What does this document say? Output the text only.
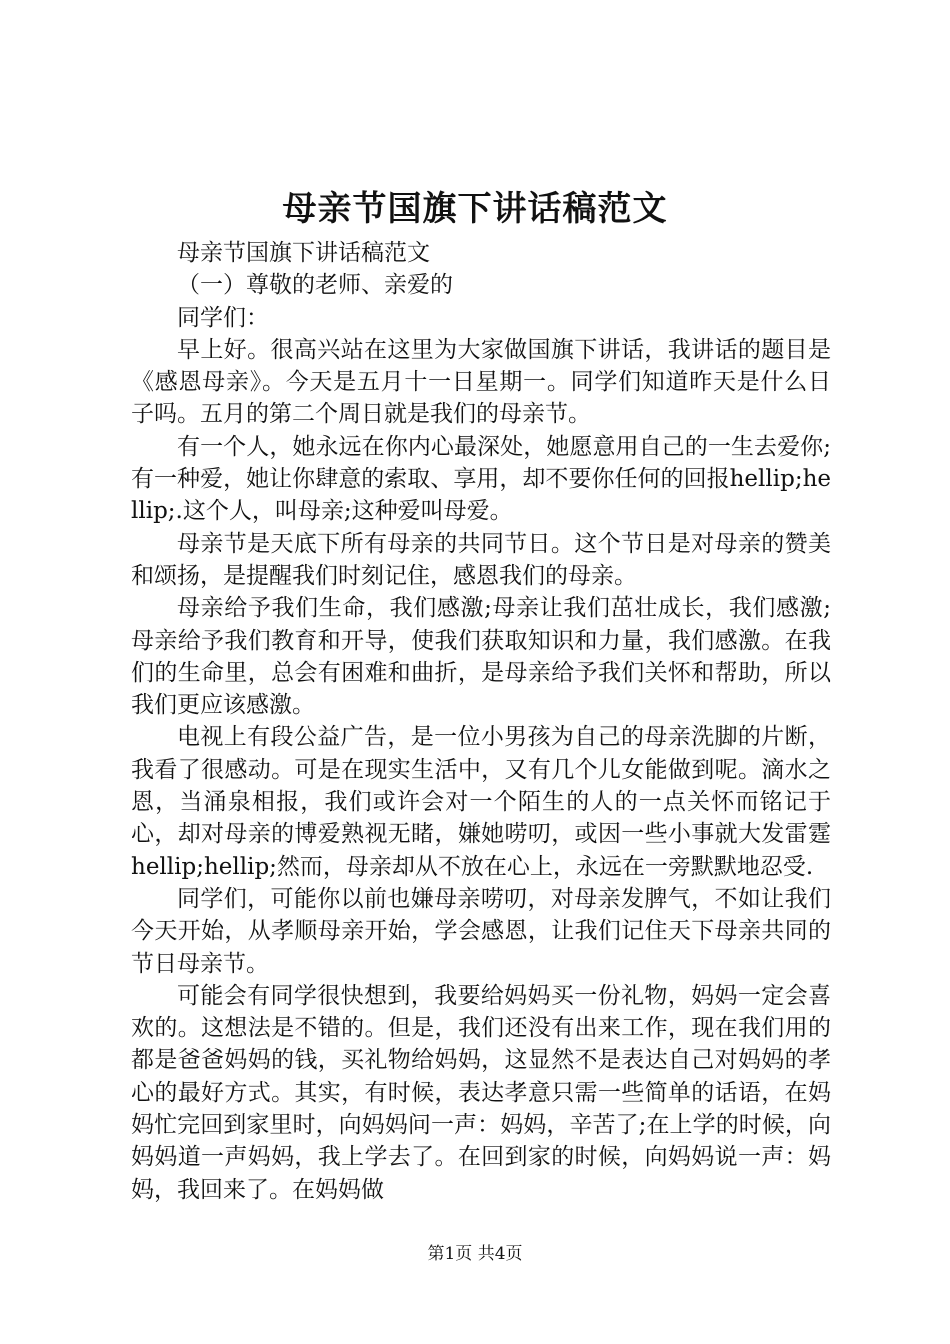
母亲节国旗下讲话稿范文

母亲节国旗下讲话稿范文

（一）尊敬的老师、亲爱的

同学们：

早上好。很高兴站在这里为大家做国旗下讲话，我讲话的题目是《感恩母亲》。今天是五月十一日星期一。同学们知道昨天是什么日子吗。五月的第二个周日就是我们的母亲节。

有一个人，她永远在你内心最深处，她愿意用自己的一生去爱你;有一种爱，她让你肆意的索取、享用，却不要你任何的回报hellip;hellip;.这个人，叫母亲;这种爱叫母爱。

母亲节是天底下所有母亲的共同节日。这个节日是对母亲的赞美和颂扬，是提醒我们时刻记住，感恩我们的母亲。

母亲给予我们生命，我们感激;母亲让我们茁壮成长，我们感激;母亲给予我们教育和开导，使我们获取知识和力量，我们感激。在我们的生命里，总会有困难和曲折，是母亲给予我们关怀和帮助，所以我们更应该感激。

电视上有段公益广告，是一位小男孩为自己的母亲洗脚的片断，我看了很感动。可是在现实生活中，又有几个儿女能做到呢。滴水之恩，当涌泉相报，我们或许会对一个陌生的人的一点关怀而铭记于心，却对母亲的博爱熟视无睹，嫌她唠叨，或因一些小事就大发雷霆hellip;hellip;然而，母亲却从不放在心上，永远在一旁默默地忍受.

同学们，可能你以前也嫌母亲唠叨，对母亲发脾气，不如让我们今天开始，从孝顺母亲开始，学会感恩，让我们记住天下母亲共同的节日母亲节。

可能会有同学很快想到，我要给妈妈买一份礼物，妈妈一定会喜欢的。这想法是不错的。但是，我们还没有出来工作，现在我们用的都是爸爸妈妈的钱，买礼物给妈妈，这显然不是表达自己对妈妈的孝心的最好方式。其实，有时候，表达孝意只需一些简单的话语，在妈妈忙完回到家里时，向妈妈问一声：妈妈，辛苦了;在上学的时候，向妈妈道一声妈妈，我上学去了。在回到家的时候，向妈妈说一声：妈妈，我回来了。在妈妈做

第1页 共4页
